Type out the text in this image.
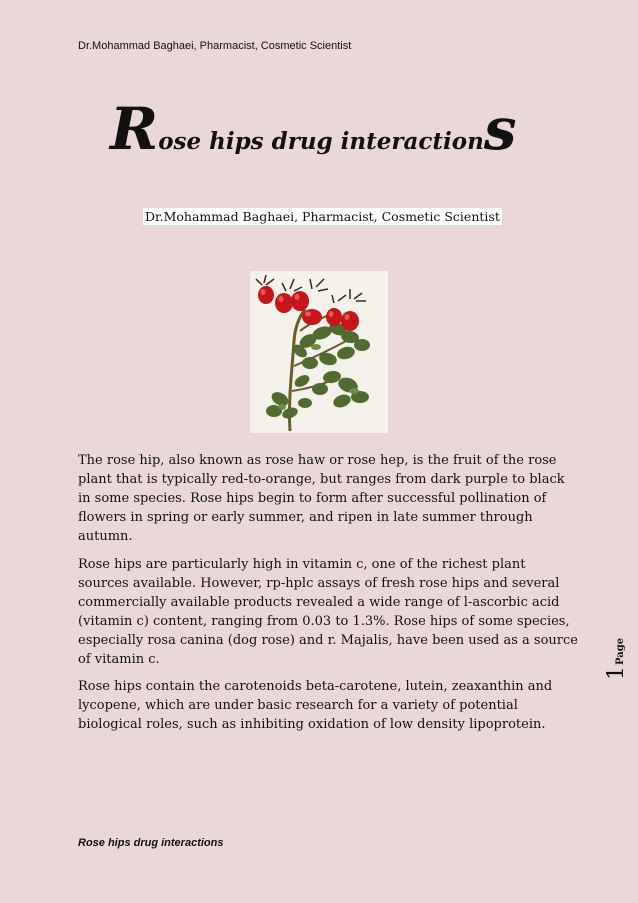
Dr.Mohammad Baghaei, Pharmacist, Cosmetic Scientist
Rose hips drug interactions
Dr.Mohammad Baghaei, Pharmacist, Cosmetic Scientist

The rose hip, also known as rose haw or rose hep, is the fruit of the rose plant that is typically red-to-orange, but ranges from dark purple to black in some species. Rose hips begin to form after successful pollination of flowers in spring or early summer, and ripen in late summer through autumn.

Rose hips are particularly high in vitamin c, one of the richest plant sources available. However, rp-hplc assays of fresh rose hips and several commercially available products revealed a wide range of l-ascorbic acid (vitamin c) content, ranging from 0.03 to 1.3%. Rose hips of some species, especially rosa canina (dog rose) and r. Majalis, have been used as a source of vitamin c.

Rose hips contain the carotenoids beta-carotene, lutein, zeaxanthin and lycopene, which are under basic research for a variety of potential biological roles, such as inhibiting oxidation of low density lipoprotein.

1Page
Rose hips drug interactions
